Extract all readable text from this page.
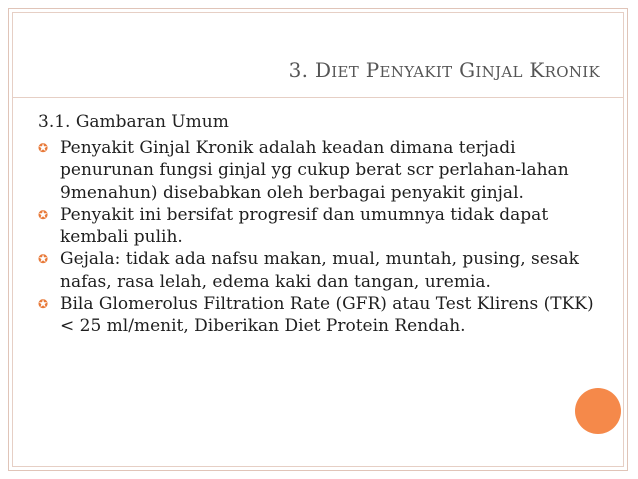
3. DIET PENYAKIT GINJAL KRONIK
3.1. Gambaran Umum
✪ Penyakit Ginjal Kronik adalah keadan dimana terjadi penurunan fungsi ginjal yg cukup berat scr perlahan-lahan 9menahun) disebabkan oleh berbagai penyakit ginjal.
✪ Penyakit ini bersifat progresif dan umumnya tidak dapat kembali pulih.
✪ Gejala: tidak ada nafsu makan, mual, muntah, pusing, sesak nafas, rasa lelah, edema kaki dan tangan, uremia.
✪ Bila Glomerolus Filtration Rate (GFR) atau Test Klirens (TKK) < 25 ml/menit, Diberikan Diet Protein Rendah.
